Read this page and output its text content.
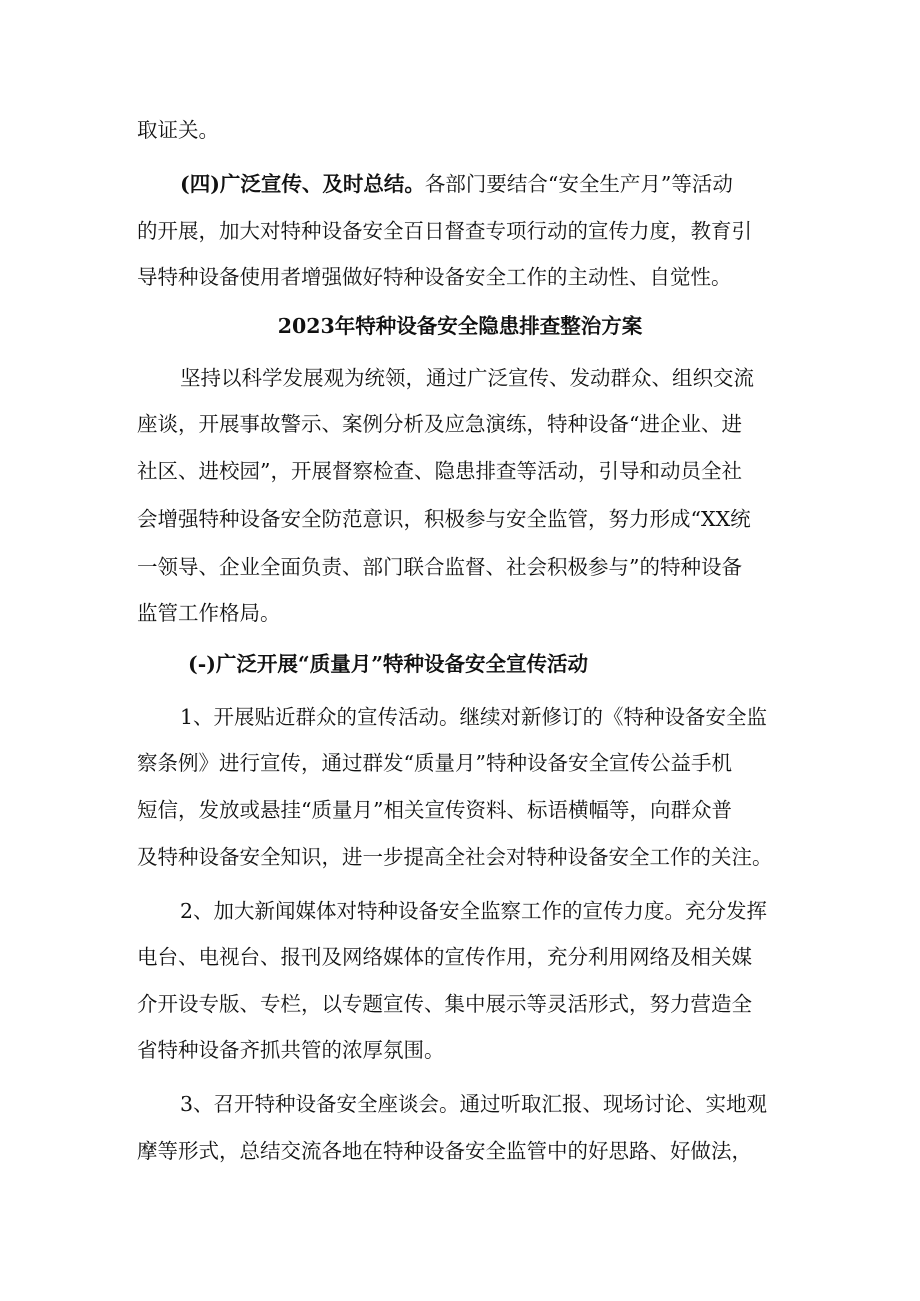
取证关。
(四)广泛宣传、及时总结。各部门要结合“安全生产月”等活动
的开展，加大对特种设备安全百日督查专项行动的宣传力度，教育引
导特种设备使用者增强做好特种设备安全工作的主动性、自觉性。
2023年特种设备安全隐患排查整治方案
坚持以科学发展观为统领，通过广泛宣传、发动群众、组织交流
座谈，开展事故警示、案例分析及应急演练，特种设备“进企业、进
社区、进校园”，开展督察检查、隐患排查等活动，引导和动员全社
会增强特种设备安全防范意识，积极参与安全监管，努力形成“XX统
一领导、企业全面负责、部门联合监督、社会积极参与”的特种设备
监管工作格局。
(-)广泛开展“质量月”特种设备安全宣传活动
1、开展贴近群众的宣传活动。继续对新修订的《特种设备安全监
察条例》进行宣传，通过群发“质量月”特种设备安全宣传公益手机
短信，发放或悬挂“质量月”相关宣传资料、标语横幅等，向群众普
及特种设备安全知识，进一步提高全社会对特种设备安全工作的关注。
2、加大新闻媒体对特种设备安全监察工作的宣传力度。充分发挥
电台、电视台、报刊及网络媒体的宣传作用，充分利用网络及相关媒
介开设专版、专栏，以专题宣传、集中展示等灵活形式，努力营造全
省特种设备齐抓共管的浓厚氛围。
3、召开特种设备安全座谈会。通过听取汇报、现场讨论、实地观
摩等形式，总结交流各地在特种设备安全监管中的好思路、好做法，
